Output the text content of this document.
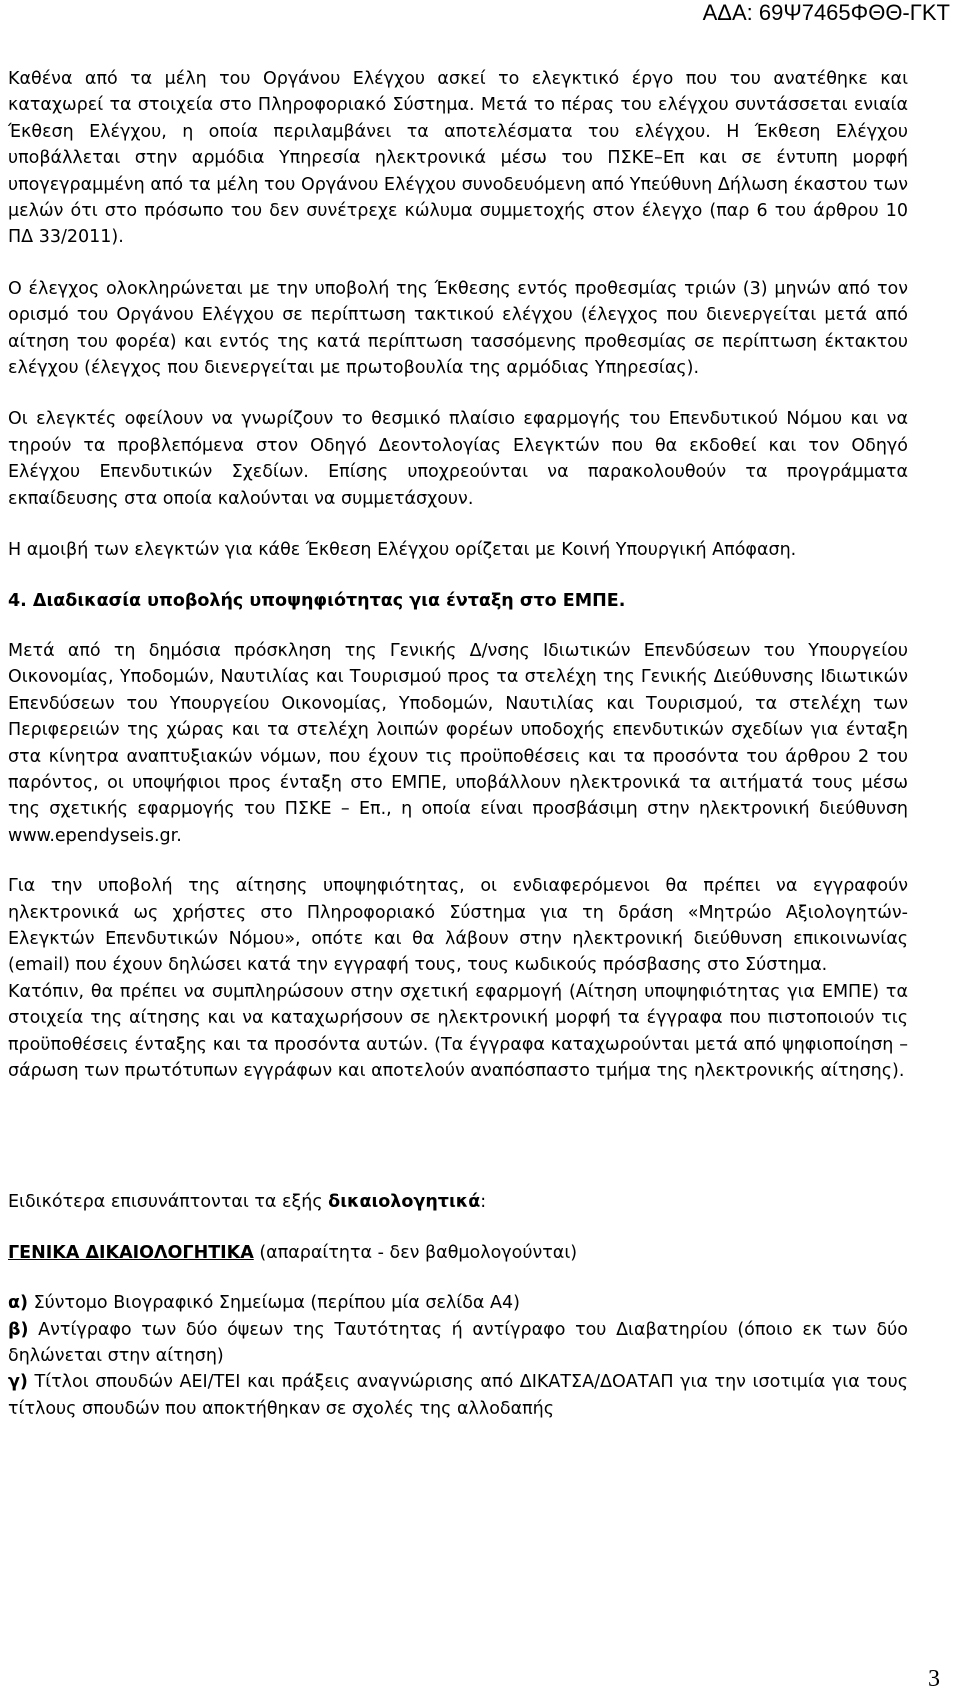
ΑΔΑ: 69Ψ7465ΦΘΘ-ΓΚΤ

Καθένα από τα μέλη του Οργάνου Ελέγχου ασκεί το ελεγκτικό έργο που του ανατέθηκε και καταχωρεί τα στοιχεία στο Πληροφοριακό Σύστημα. Μετά το πέρας του ελέγχου συντάσσεται ενιαία Έκθεση Ελέγχου, η οποία περιλαμβάνει τα αποτελέσματα του ελέγχου. Η Έκθεση Ελέγχου υποβάλλεται στην αρμόδια Υπηρεσία ηλεκτρονικά μέσω του ΠΣΚΕ–Επ και σε έντυπη μορφή υπογεγραμμένη από τα μέλη του Οργάνου Ελέγχου συνοδευόμενη από Υπεύθυνη Δήλωση έκαστου των μελών ότι στο πρόσωπο του δεν συνέτρεχε κώλυμα συμμετοχής στον έλεγχο (παρ 6 του άρθρου 10 ΠΔ 33/2011).

Ο έλεγχος ολοκληρώνεται με την υποβολή της Έκθεσης εντός προθεσμίας τριών (3) μηνών από τον ορισμό του Οργάνου Ελέγχου σε περίπτωση τακτικού ελέγχου (έλεγχος που διενεργείται μετά από αίτηση του φορέα) και εντός της κατά περίπτωση τασσόμενης προθεσμίας σε περίπτωση έκτακτου ελέγχου (έλεγχος που διενεργείται με πρωτοβουλία της αρμόδιας Υπηρεσίας).

Οι ελεγκτές οφείλουν να γνωρίζουν το θεσμικό πλαίσιο εφαρμογής του Επενδυτικού Νόμου και να τηρούν τα προβλεπόμενα στον Οδηγό Δεοντολογίας Ελεγκτών που θα εκδοθεί και τον Οδηγό Ελέγχου Επενδυτικών Σχεδίων. Επίσης υποχρεούνται να παρακολουθούν τα προγράμματα εκπαίδευσης στα οποία καλούνται να συμμετάσχουν.

Η αμοιβή των ελεγκτών για κάθε Έκθεση Ελέγχου ορίζεται με Κοινή Υπουργική Απόφαση.

4. Διαδικασία υποβολής υποψηφιότητας για ένταξη στο ΕΜΠΕ.

Μετά από τη δημόσια πρόσκληση της Γενικής Δ/νσης Ιδιωτικών Επενδύσεων του Υπουργείου Οικονομίας, Υποδομών, Ναυτιλίας και Τουρισμού προς τα στελέχη της Γενικής Διεύθυνσης Ιδιωτικών Επενδύσεων του Υπουργείου Οικονομίας, Υποδομών, Ναυτιλίας και Τουρισμού, τα στελέχη των Περιφερειών της χώρας και τα στελέχη λοιπών φορέων υποδοχής επενδυτικών σχεδίων για ένταξη στα κίνητρα αναπτυξιακών νόμων, που έχουν τις προϋποθέσεις και τα προσόντα του άρθρου 2 του παρόντος, οι υποψήφιοι προς ένταξη στο ΕΜΠΕ, υποβάλλουν ηλεκτρονικά τα αιτήματά τους μέσω της σχετικής εφαρμογής του ΠΣΚΕ – Επ., η οποία είναι προσβάσιμη στην ηλεκτρονική διεύθυνση www.ependyseis.gr.

Για την υποβολή της αίτησης υποψηφιότητας, οι ενδιαφερόμενοι θα πρέπει να εγγραφούν ηλεκτρονικά ως χρήστες στο Πληροφοριακό Σύστημα για τη δράση «Μητρώο Αξιολογητών- Ελεγκτών Επενδυτικών Νόμου», οπότε και θα λάβουν στην ηλεκτρονική διεύθυνση επικοινωνίας (email) που έχουν δηλώσει κατά την εγγραφή τους, τους κωδικούς πρόσβασης στο Σύστημα.

Κατόπιν, θα πρέπει να συμπληρώσουν στην σχετική εφαρμογή (Αίτηση υποψηφιότητας για ΕΜΠΕ) τα στοιχεία της αίτησης και να καταχωρήσουν σε ηλεκτρονική μορφή τα έγγραφα που πιστοποιούν τις προϋποθέσεις ένταξης και τα προσόντα αυτών. (Τα έγγραφα καταχωρούνται μετά από ψηφιοποίηση – σάρωση των πρωτότυπων εγγράφων και αποτελούν αναπόσπαστο τμήμα της ηλεκτρονικής αίτησης).

Ειδικότερα επισυνάπτονται τα εξής δικαιολογητικά:

ΓΕΝΙΚΑ ΔΙΚΑΙΟΛΟΓΗΤΙΚΑ (απαραίτητα - δεν βαθμολογούνται)

α) Σύντομο Βιογραφικό Σημείωμα (περίπου μία σελίδα Α4)

β) Αντίγραφο των δύο όψεων της Ταυτότητας ή αντίγραφο του Διαβατηρίου (όποιο εκ των δύο δηλώνεται στην αίτηση)

γ) Τίτλοι σπουδών ΑΕΙ/ΤΕΙ και πράξεις αναγνώρισης από ΔΙΚΑΤΣΑ/ΔΟΑΤΑΠ για την ισοτιμία για τους τίτλους σπουδών που αποκτήθηκαν σε σχολές της αλλοδαπής

3
